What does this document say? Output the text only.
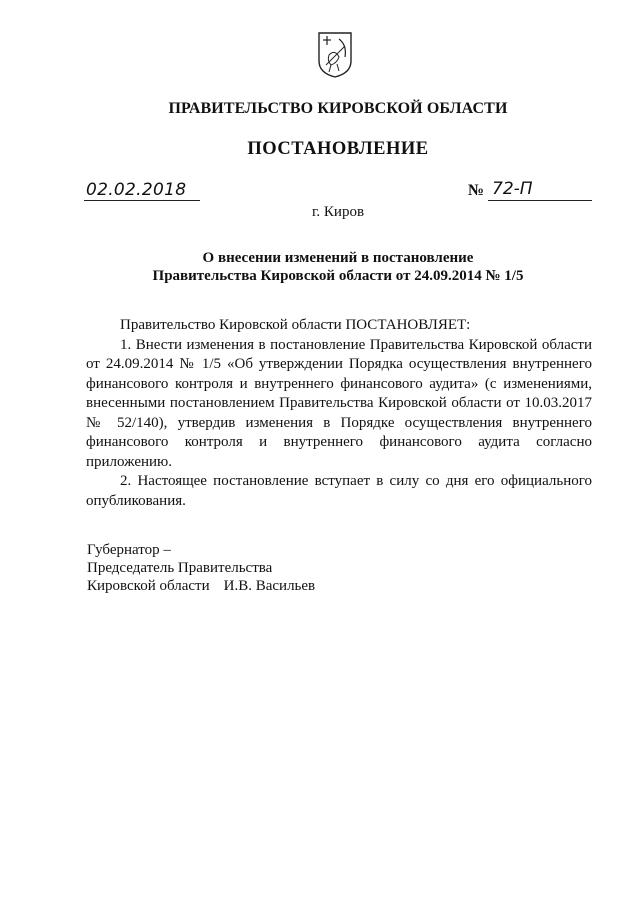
ПРАВИТЕЛЬСТВО КИРОВСКОЙ ОБЛАСТИ
ПОСТАНОВЛЕНИЕ
02.02.2018	№ 72-П
г. Киров
О внесении изменений в постановление
Правительства Кировской области от 24.09.2014 № 1/5

Правительство Кировской области ПОСТАНОВЛЯЕТ:

1. Внести изменения в постановление Правительства Кировской области от 24.09.2014 № 1/5 «Об утверждении Порядка осуществления внутреннего финансового контроля и внутреннего финансового аудита» (с изменениями, внесенными постановлением Правительства Кировской области от 10.03.2017 № 52/140), утвердив изменения в Порядке осуществления внутреннего финансового контроля и внутреннего финансового аудита согласно приложению.

2. Настоящее постановление вступает в силу со дня его официального опубликования.

Губернатор –
Председатель Правительства
Кировской области И.В. Васильев
